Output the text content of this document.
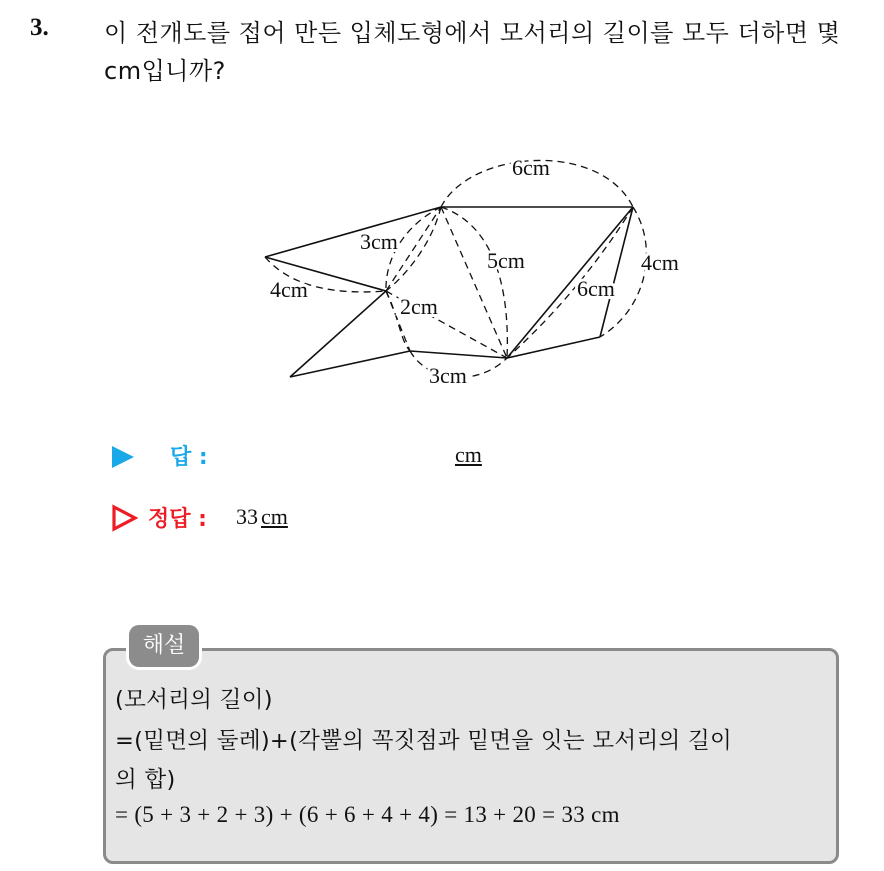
3. 이 전개도를 접어 만든 입체도형에서 모서리의 길이를 모두 더하면 몇 cm입니까?
6cm
3cm
5cm	4cm
4cm	6cm
2cm
3cm
답 :	cm
정답 : 33 cm
해설
(모서리의 길이)
=(밑면의 둘레)+(각뿔의 꼭짓점과 밑면을 잇는 모서리의 길이
의 합)
= (5 + 3 + 2 + 3) + (6 + 6 + 4 + 4) = 13 + 20 = 33 cm
